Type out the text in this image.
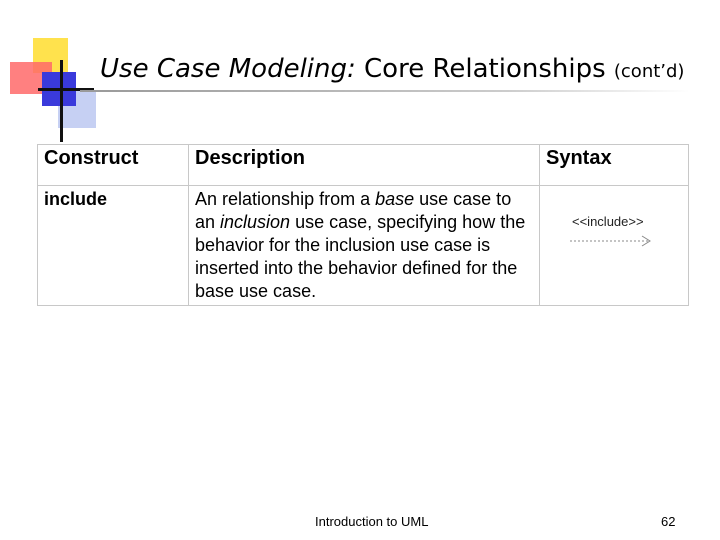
Use Case Modeling: Core Relationships (cont’d)
Construct	Description	Syntax
include	An relationship from a base use case to an inclusion use case, specifying how the behavior for the inclusion use case is inserted into the behavior defined for the base use case.	<<include>>
Introduction to UML	62
